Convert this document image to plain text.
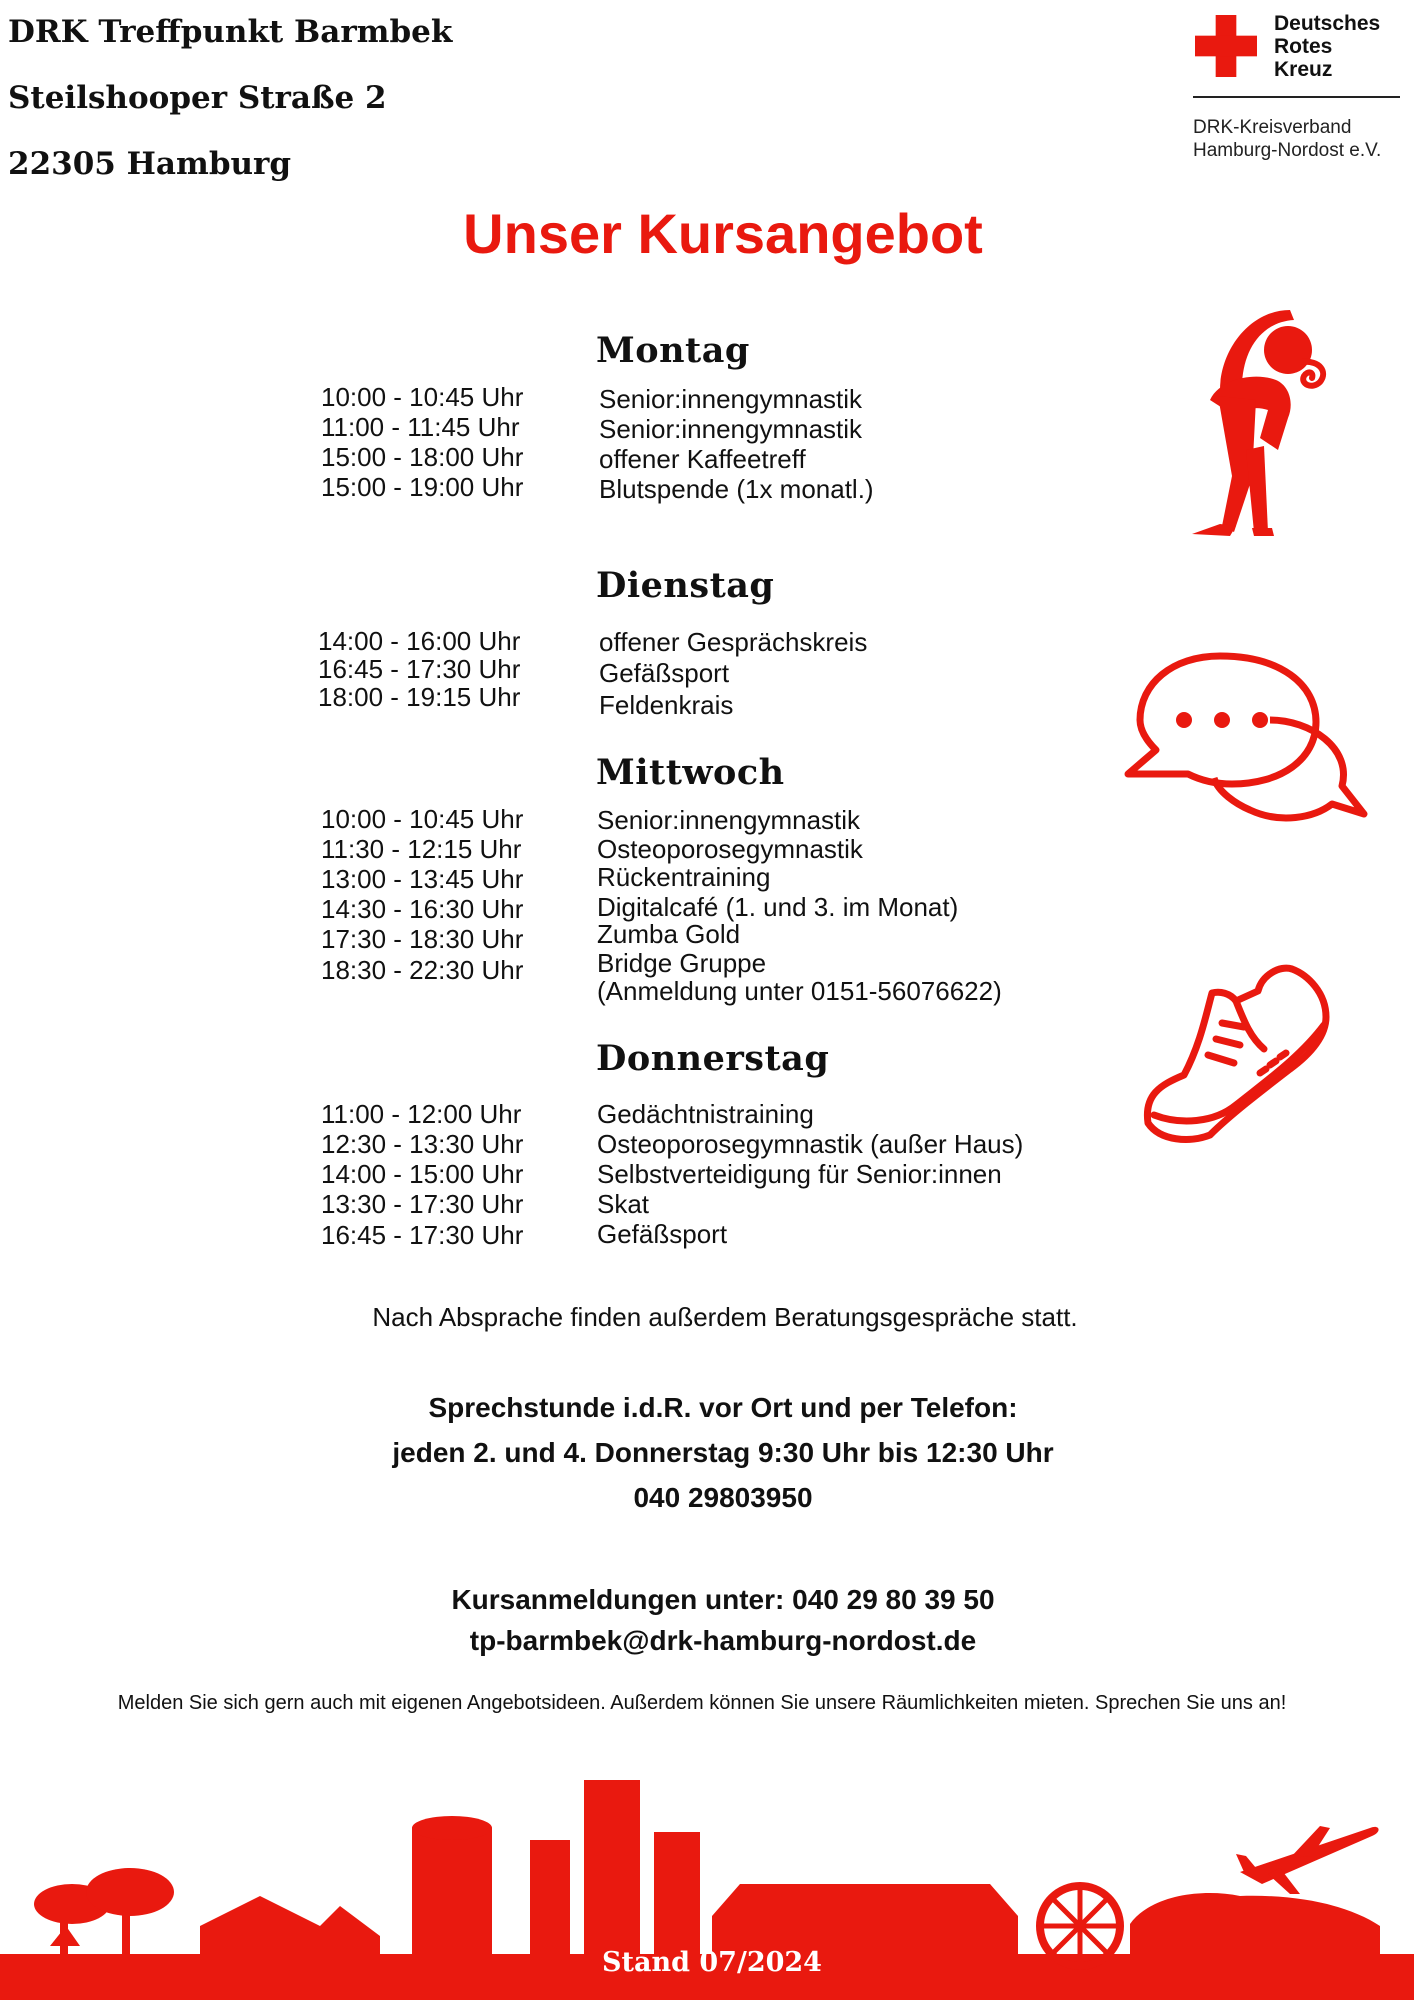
DRK Treffpunkt Barmbek
Steilshooper Straße 2
22305 Hamburg
Deutsches
Rotes
Kreuz
DRK-Kreisverband
Hamburg-Nordost e.V.
Unser Kursangebot
Montag
10:00 - 10:45 Uhr	Senior:innengymnastik
11:00 - 11:45 Uhr	Senior:innengymnastik
15:00 - 18:00 Uhr	offener Kaffeetreff
15:00 - 19:00 Uhr	Blutspende (1x monatl.)
Dienstag
14:00 - 16:00 Uhr	offener Gesprächskreis
16:45 - 17:30 Uhr	Gefäßsport
18:00 - 19:15 Uhr	Feldenkrais
Mittwoch
10:00 - 10:45 Uhr	Senior:innengymnastik
11:30 - 12:15 Uhr	Osteoporosegymnastik
13:00 - 13:45 Uhr	Rückentraining
14:30 - 16:30 Uhr	Digitalcafé (1. und 3. im Monat)
17:30 - 18:30 Uhr	Zumba Gold
18:30 - 22:30 Uhr	Bridge Gruppe
(Anmeldung unter 0151-56076622)
Donnerstag
11:00 - 12:00 Uhr	Gedächtnistraining
12:30 - 13:30 Uhr	Osteoporosegymnastik (außer Haus)
14:00 - 15:00 Uhr	Selbstverteidigung für Senior:innen
13:30 - 17:30 Uhr	Skat
16:45 - 17:30 Uhr	Gefäßsport
Nach Absprache finden außerdem Beratungsgespräche statt.
Sprechstunde i.d.R. vor Ort und per Telefon:
jeden 2. und 4. Donnerstag 9:30 Uhr bis 12:30 Uhr
040 29803950
Kursanmeldungen unter: 040 29 80 39 50
tp-barmbek@drk-hamburg-nordost.de
Melden Sie sich gern auch mit eigenen Angebotsideen. Außerdem können Sie unsere Räumlichkeiten mieten. Sprechen Sie uns an!
Stand 07/2024
